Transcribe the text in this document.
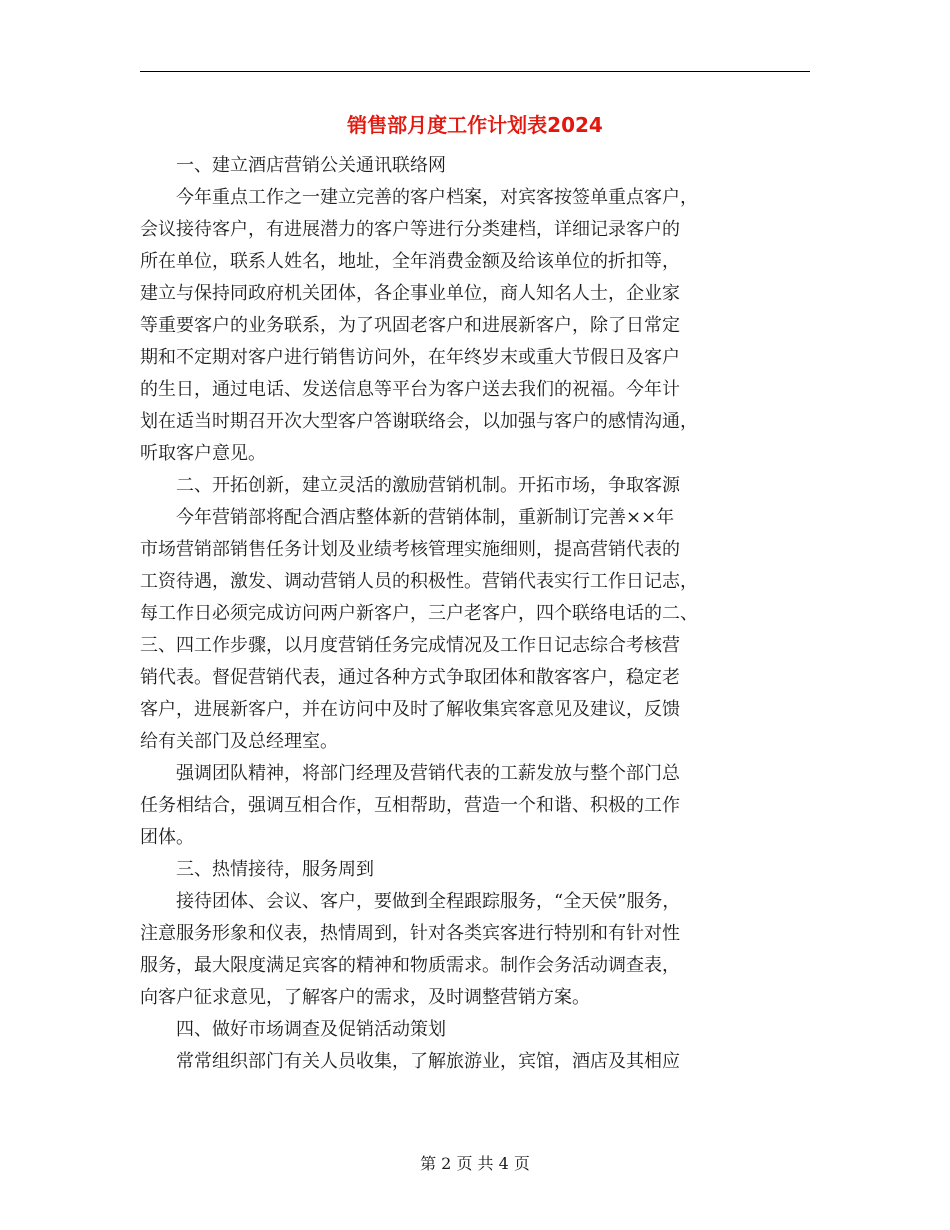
销售部月度工作计划表2024
一、建立酒店营销公关通讯联络网
今年重点工作之一建立完善的客户档案，对宾客按签单重点客户，
会议接待客户，有进展潜力的客户等进行分类建档，详细记录客户的
所在单位，联系人姓名，地址，全年消费金额及给该单位的折扣等，
建立与保持同政府机关团体，各企事业单位，商人知名人士，企业家
等重要客户的业务联系，为了巩固老客户和进展新客户，除了日常定
期和不定期对客户进行销售访问外，在年终岁末或重大节假日及客户
的生日，通过电话、发送信息等平台为客户送去我们的祝福。今年计
划在适当时期召开次大型客户答谢联络会，以加强与客户的感情沟通，
听取客户意见。
二、开拓创新，建立灵活的激励营销机制。开拓市场，争取客源
今年营销部将配合酒店整体新的营销体制，重新制订完善××年
市场营销部销售任务计划及业绩考核管理实施细则，提高营销代表的
工资待遇，激发、调动营销人员的积极性。营销代表实行工作日记志，
每工作日必须完成访问两户新客户，三户老客户，四个联络电话的二、
三、四工作步骤，以月度营销任务完成情况及工作日记志综合考核营
销代表。督促营销代表，通过各种方式争取团体和散客客户，稳定老
客户，进展新客户，并在访问中及时了解收集宾客意见及建议，反馈
给有关部门及总经理室。
强调团队精神，将部门经理及营销代表的工薪发放与整个部门总
任务相结合，强调互相合作，互相帮助，营造一个和谐、积极的工作
团体。
三、热情接待，服务周到
接待团体、会议、客户，要做到全程跟踪服务，“全天侯”服务，
注意服务形象和仪表，热情周到，针对各类宾客进行特别和有针对性
服务，最大限度满足宾客的精神和物质需求。制作会务活动调查表，
向客户征求意见，了解客户的需求，及时调整营销方案。
四、做好市场调查及促销活动策划
常常组织部门有关人员收集，了解旅游业，宾馆，酒店及其相应
第 2 页 共 4 页
